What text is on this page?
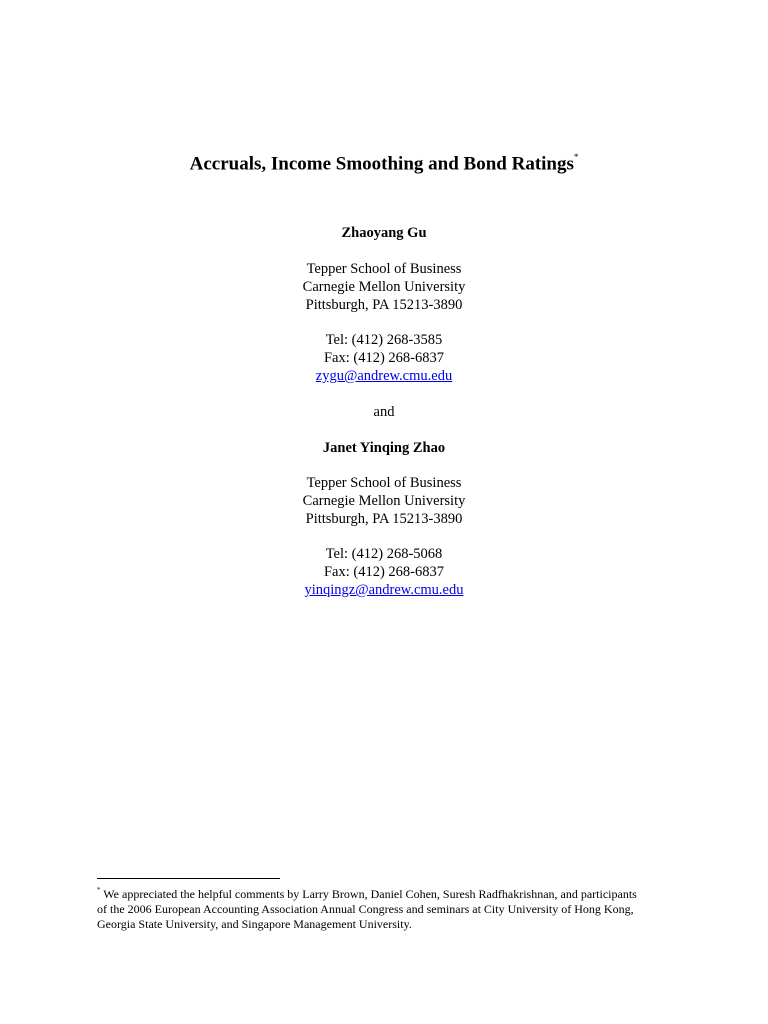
Accruals, Income Smoothing and Bond Ratings*
Zhaoyang Gu
Tepper School of Business
Carnegie Mellon University
Pittsburgh, PA 15213-3890
Tel: (412) 268-3585
Fax: (412) 268-6837
zygu@andrew.cmu.edu
and
Janet Yinqing Zhao
Tepper School of Business
Carnegie Mellon University
Pittsburgh, PA 15213-3890
Tel: (412) 268-5068
Fax: (412) 268-6837
yinqingz@andrew.cmu.edu
* We appreciated the helpful comments by Larry Brown, Daniel Cohen, Suresh Radfhakrishnan, and participants
of the 2006 European Accounting Association Annual Congress and seminars at City University of Hong Kong,
Georgia State University, and Singapore Management University.
